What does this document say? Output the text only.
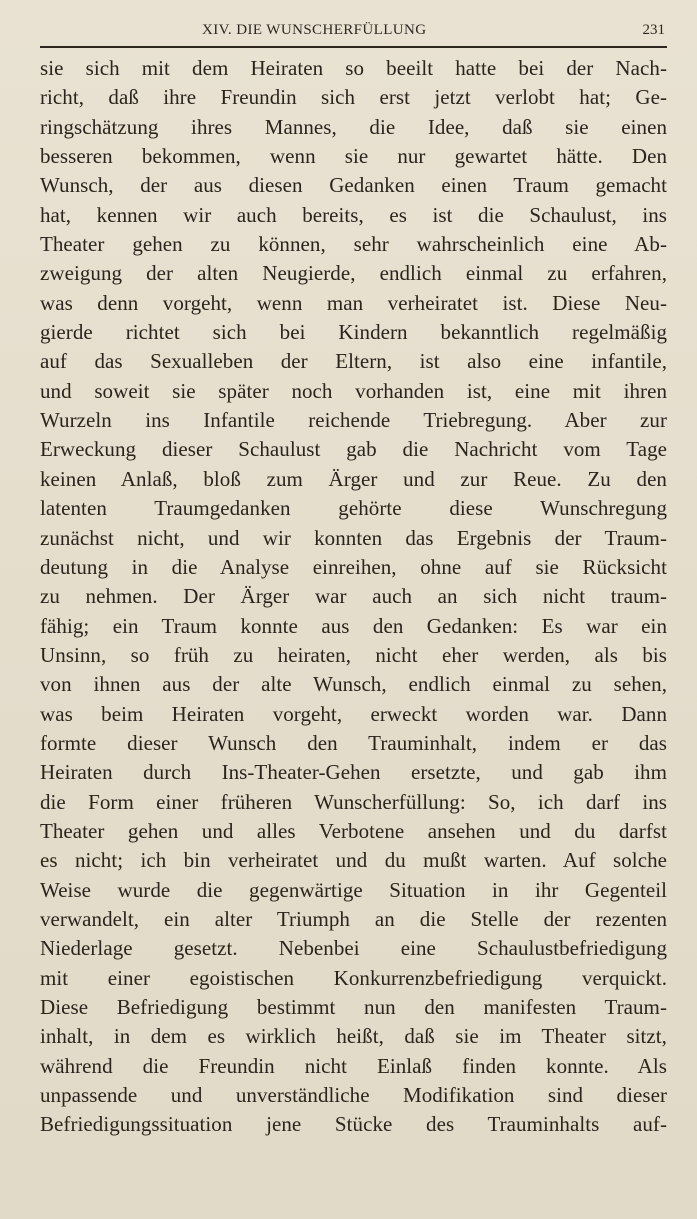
XIV. DIE WUNSCHERFÜLLUNG	231
sie sich mit dem Heiraten so beeilt hatte bei der Nach-
richt, daß ihre Freundin sich erst jetzt verlobt hat; Ge-
ringschätzung ihres Mannes, die Idee, daß sie einen
besseren bekommen, wenn sie nur gewartet hätte. Den
Wunsch, der aus diesen Gedanken einen Traum gemacht
hat, kennen wir auch bereits, es ist die Schaulust, ins
Theater gehen zu können, sehr wahrscheinlich eine Ab-
zweigung der alten Neugierde, endlich einmal zu erfahren,
was denn vorgeht, wenn man verheiratet ist. Diese Neu-
gierde richtet sich bei Kindern bekanntlich regelmäßig
auf das Sexualleben der Eltern, ist also eine infantile,
und soweit sie später noch vorhanden ist, eine mit ihren
Wurzeln ins Infantile reichende Triebregung. Aber zur
Erweckung dieser Schaulust gab die Nachricht vom Tage
keinen Anlaß, bloß zum Ärger und zur Reue. Zu den
latenten Traumgedanken gehörte diese Wunschregung
zunächst nicht, und wir konnten das Ergebnis der Traum-
deutung in die Analyse einreihen, ohne auf sie Rücksicht
zu nehmen. Der Ärger war auch an sich nicht traum-
fähig; ein Traum konnte aus den Gedanken: Es war ein
Unsinn, so früh zu heiraten, nicht eher werden, als bis
von ihnen aus der alte Wunsch, endlich einmal zu sehen,
was beim Heiraten vorgeht, erweckt worden war. Dann
formte dieser Wunsch den Trauminhalt, indem er das
Heiraten durch Ins-Theater-Gehen ersetzte, und gab ihm
die Form einer früheren Wunscherfüllung: So, ich darf ins
Theater gehen und alles Verbotene ansehen und du darfst
es nicht; ich bin verheiratet und du mußt warten. Auf solche
Weise wurde die gegenwärtige Situation in ihr Gegenteil
verwandelt, ein alter Triumph an die Stelle der rezenten
Niederlage gesetzt. Nebenbei eine Schaulustbefriedigung
mit einer egoistischen Konkurrenzbefriedigung verquickt.
Diese Befriedigung bestimmt nun den manifesten Traum-
inhalt, in dem es wirklich heißt, daß sie im Theater sitzt,
während die Freundin nicht Einlaß finden konnte. Als
unpassende und unverständliche Modifikation sind dieser
Befriedigungssituation jene Stücke des Trauminhalts auf-
